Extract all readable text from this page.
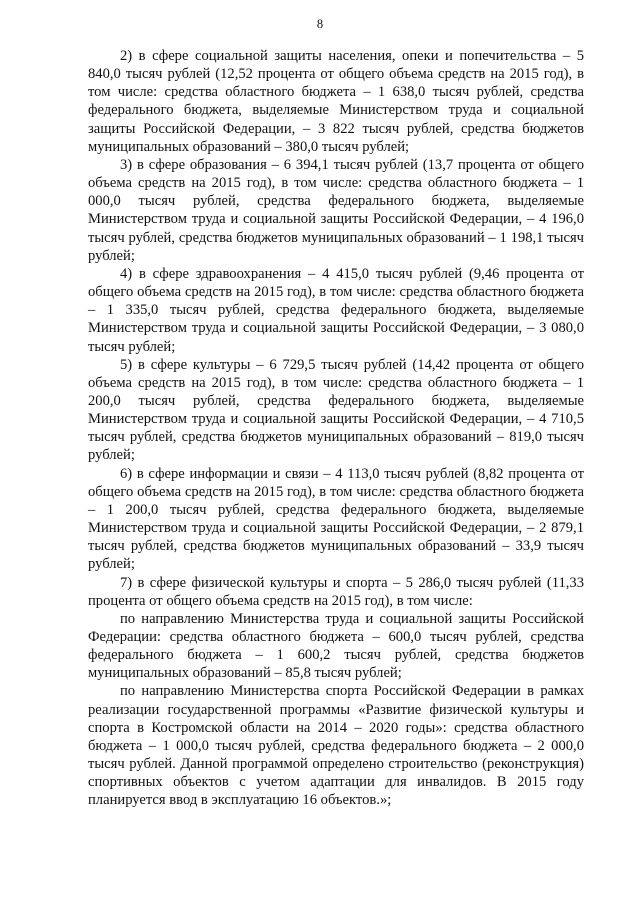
8

2) в сфере социальной защиты населения, опеки и попечительства – 5 840,0 тысяч рублей (12,52 процента от общего объема средств на 2015 год), в том числе: средства областного бюджета – 1 638,0 тысяч рублей, средства федерального бюджета, выделяемые Министерством труда и социальной защиты Российской Федерации, – 3 822 тысяч рублей, средства бюджетов муниципальных образований – 380,0 тысяч рублей;

3) в сфере образования – 6 394,1 тысяч рублей (13,7 процента от общего объема средств на 2015 год), в том числе: средства областного бюджета – 1 000,0 тысяч рублей, средства федерального бюджета, выделяемые Министерством труда и социальной защиты Российской Федерации, – 4 196,0 тысяч рублей, средства бюджетов муниципальных образований – 1 198,1 тысяч рублей;

4) в сфере здравоохранения – 4 415,0 тысяч рублей (9,46 процента от общего объема средств на 2015 год), в том числе: средства областного бюджета – 1 335,0 тысяч рублей, средства федерального бюджета, выделяемые Министерством труда и социальной защиты Российской Федерации, – 3 080,0 тысяч рублей;

5) в сфере культуры – 6 729,5 тысяч рублей (14,42 процента от общего объема средств на 2015 год), в том числе: средства областного бюджета – 1 200,0 тысяч рублей, средства федерального бюджета, выделяемые Министерством труда и социальной защиты Российской Федерации, – 4 710,5 тысяч рублей, средства бюджетов муниципальных образований – 819,0 тысяч рублей;

6) в сфере информации и связи – 4 113,0 тысяч рублей (8,82 процента от общего объема средств на 2015 год), в том числе: средства областного бюджета – 1 200,0 тысяч рублей, средства федерального бюджета, выделяемые Министерством труда и социальной защиты Российской Федерации, – 2 879,1 тысяч рублей, средства бюджетов муниципальных образований – 33,9 тысяч рублей;

7) в сфере физической культуры и спорта – 5 286,0 тысяч рублей (11,33 процента от общего объема средств на 2015 год), в том числе:

по направлению Министерства труда и социальной защиты Российской Федерации: средства областного бюджета – 600,0 тысяч рублей, средства федерального бюджета – 1 600,2 тысяч рублей, средства бюджетов муниципальных образований – 85,8 тысяч рублей;

по направлению Министерства спорта Российской Федерации в рамках реализации государственной программы «Развитие физической культуры и спорта в Костромской области на 2014 – 2020 годы»: средства областного бюджета – 1 000,0 тысяч рублей, средства федерального бюджета – 2 000,0 тысяч рублей. Данной программой определено строительство (реконструкция) спортивных объектов с учетом адаптации для инвалидов. В 2015 году планируется ввод в эксплуатацию 16 объектов.»;
